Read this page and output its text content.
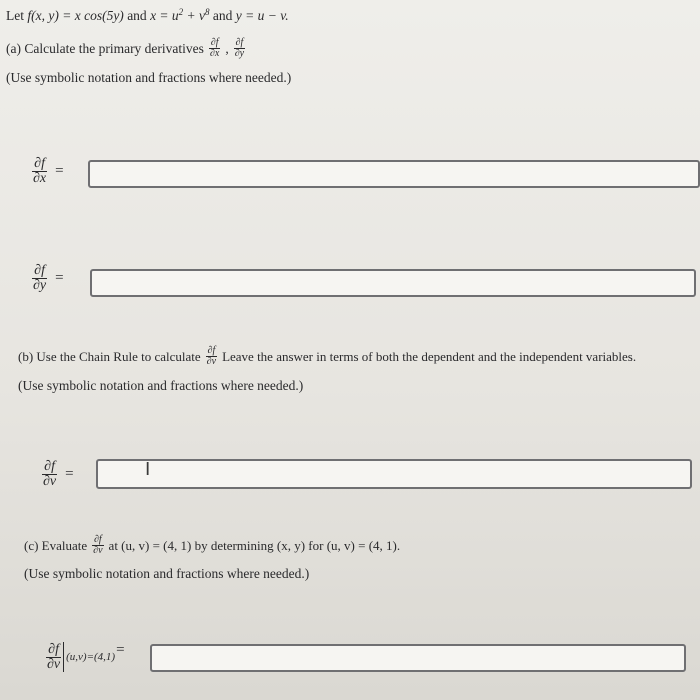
Let f(x, y) = x cos(5y) and $x = u^2 + v^8$ and y = u − v.
(a) Calculate the primary derivatives $\frac{\partial f}{\partial x}$ , $\frac{\partial f}{\partial y}$
(Use symbolic notation and fractions where needed.)
$\frac{\partial f}{\partial x}$ =
$\frac{\partial f}{\partial y}$ =
(b) Use the Chain Rule to calculate $\frac{\partial f}{\partial v}$ Leave the answer in terms of both the dependent and the independent variables.
(Use symbolic notation and fractions where needed.)
$\frac{\partial f}{\partial v}$ =	I
(c) Evaluate $\frac{\partial f}{\partial v}$ at (u, v) = (4, 1) by determining (x, y) for (u, v) = (4, 1).
(Use symbolic notation and fractions where needed.)
$\frac{\partial f}{\partial v} (u,v)=(4,1)$ =
